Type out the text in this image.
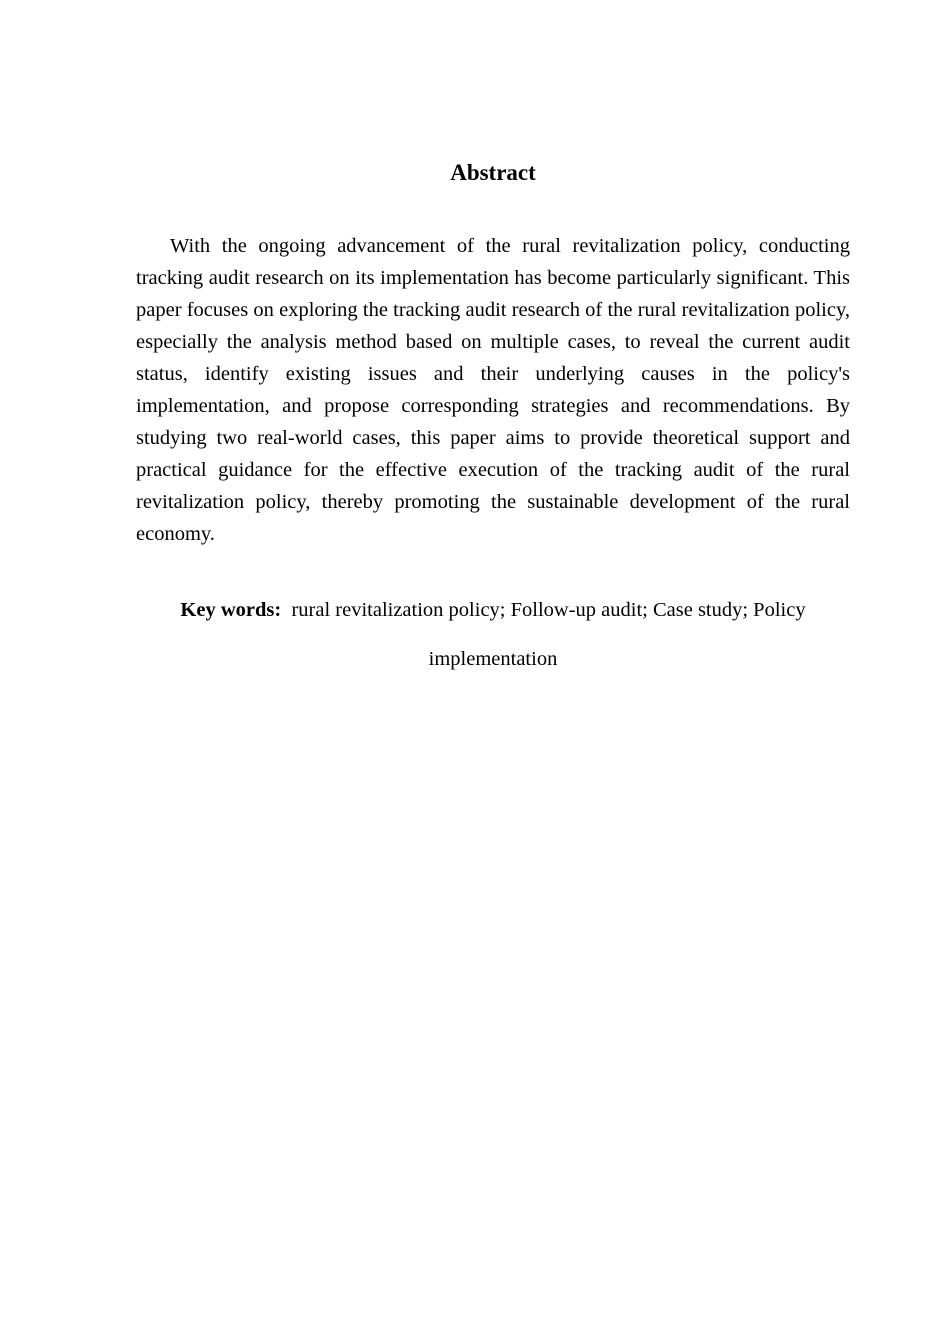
Abstract

With the ongoing advancement of the rural revitalization policy, conducting tracking audit research on its implementation has become particularly significant. This paper focuses on exploring the tracking audit research of the rural revitalization policy, especially the analysis method based on multiple cases, to reveal the current audit status, identify existing issues and their underlying causes in the policy's implementation, and propose corresponding strategies and recommendations. By studying two real-world cases, this paper aims to provide theoretical support and practical guidance for the effective execution of the tracking audit of the rural revitalization policy, thereby promoting the sustainable development of the rural economy.

Key words: rural revitalization policy; Follow-up audit; Case study; Policy implementation
